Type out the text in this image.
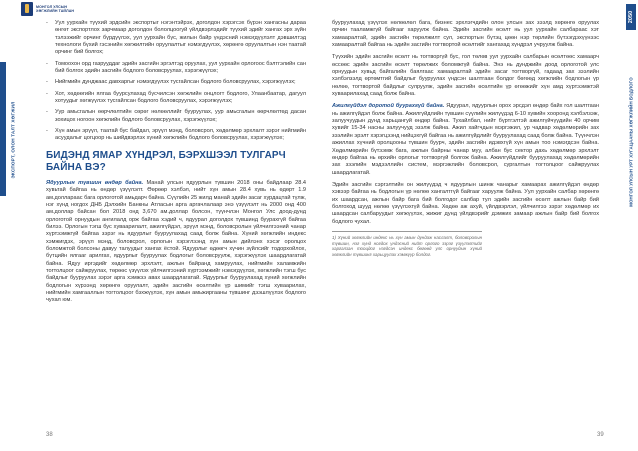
МОНГОЛ УЛСЫН
ХӨГЖЛИЙН ТАЙЛАН
ЭКСПОРТ, ОЛОН ТАЛТ ХӨГЖИЛ
2050
МОНГОЛ УЛСЫН УРТ ХУГАЦААНЫ ХӨГЖЛИЙН БОДЛОГО
- Уул уурхайн түүхий эрдсийн экспортыг нэгэнтэйрэх, доголдон хэрэгсэх бүрэн хангасны дараа өнгөт экспортлох зарчмаар доголдон бололцоогуй үйлдвэрлэдийг түүхий эдийг хангах эрх зүйн тэлээжийг орчинг бүрдүүлэх, уул уурхайн бүс, жилын байр үндэсний нэмэгдүүлэлт дэвшилтэд технологи бүхий гэсэнийн хөгжилтийн оруулалтыг нэмэгдүүлэх, хөрөнгө оруулалтын нэн таатай орчинг бий болгох;
- Томоохон орд газрууддаг эдийн засгийн эргэлтэд оруулах, уул уурхайн орлогоос бэлтгэлийн сан бий болгох эдийн засгийн бодлого боловсруулах, хэрэгжүүлэх;
- Нийгмийн дунджаас давхаргыг нэмэгдүүлэх тусгайлсан бодлого боловсруулах, хэрэгжүүлэх;
- Хот, хөдөөгийн ялгаа буурсулахад бүсчилсэн хөгжлийн онцлогт бодлого, Улаанбаатар, дагуул хотуудыг хөгжүүлэх тусгайлсан бодлого боловсруулах, хэрэгжүүлэх;
- Уур амьсгалын өөрчлөлтийн сөрөг нөлөөллийг бууруулах, уур амьсгалын өөрчлөлтөд дасан зохицох ногоон хөгжлийн бодлого боловсруулах, хэрэгжүүлэх;
- Хүн амын эрүүл, таатай бус байдал, эрүүл мэнд, боловсрол, хөдөлмөр эрхлалт зэрэг нийгмийн асуудалыг цогцоор нь шийдвэрлэх хүний хөгжлийн бодлого боловсруулах, хэрэгжүүлэх;
БИДЭНД ЯМАР ХҮНДРЭЛ, БЭРХШЭЭЛ ТУЛГАРЧ БАЙНА ВЭ?

Ядуурлын түвшин өндөр байна. Манай улсын ядуурлын түвшин 2018 оны байдлаар 28.4 хувьтай байгаа нь өндөр үзүүлэлт. Өөрөөр хэлбэл, нийт хүн амын 28.4 хувь нь өдөрт 1.9 ам.доллараас бага орлоготой амьдарч байна. Сүүлийн 25 жилд манай эдийн засаг хурдацтай түлж, нэг хүнд ногдох ДНБ Дэлхийн Банкны Атласын арга аргачлалаар энэ үзүүлэлт нь 2000 онд 400 ам.доллар байсан бол 2018 онд 3,670 ам.доллар болсон, түүнчлэн Монгол Улс доод-дунд орлоготой орнуудын ангилалд орж байгаа хэдий ч, ядуурал доголдох түвшинд буурахгүй байгаа билээ. Орлогын тэгш бус хуваарилалт, ажилгүйдэл, эрүүл мэнд, боловсролын үйлчилгээний чанар хүртээмжгүй байгаа зэрэг нь ядуурлыг бууруулахад саад болж байна. Хүний хөгжлийн индекс хэмжигдэх, эрүүл мэнд, боловсрол, орлогын хэрэглээнд хүн амын дийлэнх хэсэг оролцох боломжтой болсоны давуу талуудыг хангах ёстой. Ядуурлыг өдөөгч хүчин зүйлсийг тодорхойлох, бүтцийн ялгааг арилгах, ядуурлыг бууруулах бодлогыг боловсруулж, хэрэгжүүлэх шаардлагатай байна. Ядуу иргэдийг хөдөлмөр эрхлэлт, ажлын байранд хамруулах, нийгмийн халамжийн тогтолцоог сайжруулах, төрөөс үзүүлэх үйлчилгээний хүртээмжийг нэмэгдүүлэх, хөгжлийн тэгш бус байдлыг бууруулах зэрэг арга хэмжээ авах шаардлагатай. Ядуурлыг бууруулахад хүний хөгжлийн бодлогын хүрээнд хөрөнгө оруулалт, эдийн засгийн өсөлтийн үр шимийг тэгш хуваарилах, нийгмийн хамгааллын тогтолцоог бэхжүүлэх, хүн амын амьжиргааны түвшинг дээшлүүлэх бодлого чухал юм.

бууруулахад үзүүлэх нөлөөлөл бага, бизнес эрхлэгчдийн олон улсын зах зээлд хөрөнгө оруулах орчин тааламжгүй байгааг харуулж байна. Эдийн засгийн өсөлт нь уул уурхайн салбараас хэт хамааралтай, эдийн засгийн төрөлжилт сул, экспортын бүтэц цөөн нэр төрлийн бүтээгдэхүүнээс хамааралтай байгаа нь эдийн засгийн тогтвортой өсөлтийг хангахад хүндрэл учруулж байна.

Түүхийн эдийн засгийн өсөлт нь тогтворгүй бус, гол төлөв уул уурхайн салбарын өсөлтөөс хамаарч өссөөс эдийн засгийн өсөлт төрөлжих боломжгүй байна. Энэ нь дунджийн доод орлоготой улс орнуудын хувьд байгалийн баялгаас хамааралтай эдийн засаг тогтворгүй, гадаад зах зээлийн хэлбэлзэлд өртөмтгий байдлыг бууруулах үндсэн шалтгаан болдог бөгөөд хөгжлийн бодлогын үр нөлөө, тогтвортой байдлыг сулруулж, эдийн засгийн өсөлтийн үр өгөөжийг хүн амд хүртээмжтэй хуваарилахад саад болж байна.

Ажилгүйдэл доротой буурахгүй байна. Ядуурал, ядуурлын орох эрсдэл өндөр байх гол шалтгаан нь ажилгүйдэл болж байна. Ажилгүйдлийн түвшин сүүлийн жилүүдэд 6-10 хувийн хооронд хэлбэлзэж, залуучуудын дунд харьцангуй өндөр байна. Тухайлбал, нийт бүртгэлтэй ажилгүйчүүдийн 40 орчим хувийг 15-34 насны залуучууд эзэлж байна. Ажил хайгчдын мэргэжил, ур чадвар хөдөлмөрийн зах зээлийн эрэлт хэрэгцээнд нийцэхгүй байгаа нь ажилгүйдлийг бууруулахад саад болж байна. Түүнчлэн ажиллах хүчний оролцооны түвшин буурч, эдийн засгийн идэвхгүй хүн амын тоо нэмэгдсэн байна. Хөдөлмөрийн бүтээмж бага, ажлын байрны чанар муу, албан бус сектор дахь хөдөлмөр эрхлэлт өндөр байгаа нь өрхийн орлогыг тогтворгүй болгож байна. Ажилгүйдлийг бууруулахад хөдөлмөрийн зах зээлийн мэдээллийн систем, мэргэжлийн боловсрол, сургалтын тогтолцоог сайжруулах шаардлагатай.

Эдийн засгийн сэргэлтийн он жилүүдэд ч ядуурлын шинж чанарыг хамаарах ажилгүйдэл өндөр хэвээр байгаа нь бодлогын үр нөлөө хангалтгүй байгааг харуулж байна. Уул уурхайн салбар хөрөнгө их шаардсан, ажлын байр бага бий болгодог салбар тул эдийн засгийн өсөлт ажлын байр бий болгоход шууд нөлөө үзүүлэхгүй байна. Хөдөө аж ахуй, үйлдвэрлэл, үйлчилгээ зэрэг хөдөлмөр их шаардсан салбаруудыг хөгжүүлэх, жижиг дунд үйлдвэрийг дэмжих замаар ажлын байр бий болгох бодлого чухал.

1) Хүний хөгжлийн индекс нь хүн амын дундаж наслалт, боловсролын түвшин, нэг хүнд ногдох үндэсний нийт орлого зэрэг үзүүлэлтийг харгалзан тооцдог нэгдсэн индекс бөгөөд улс орнуудын хүний хөгжлийн түвшинг харьцуулах хэмжүүр болдог.
38	39
